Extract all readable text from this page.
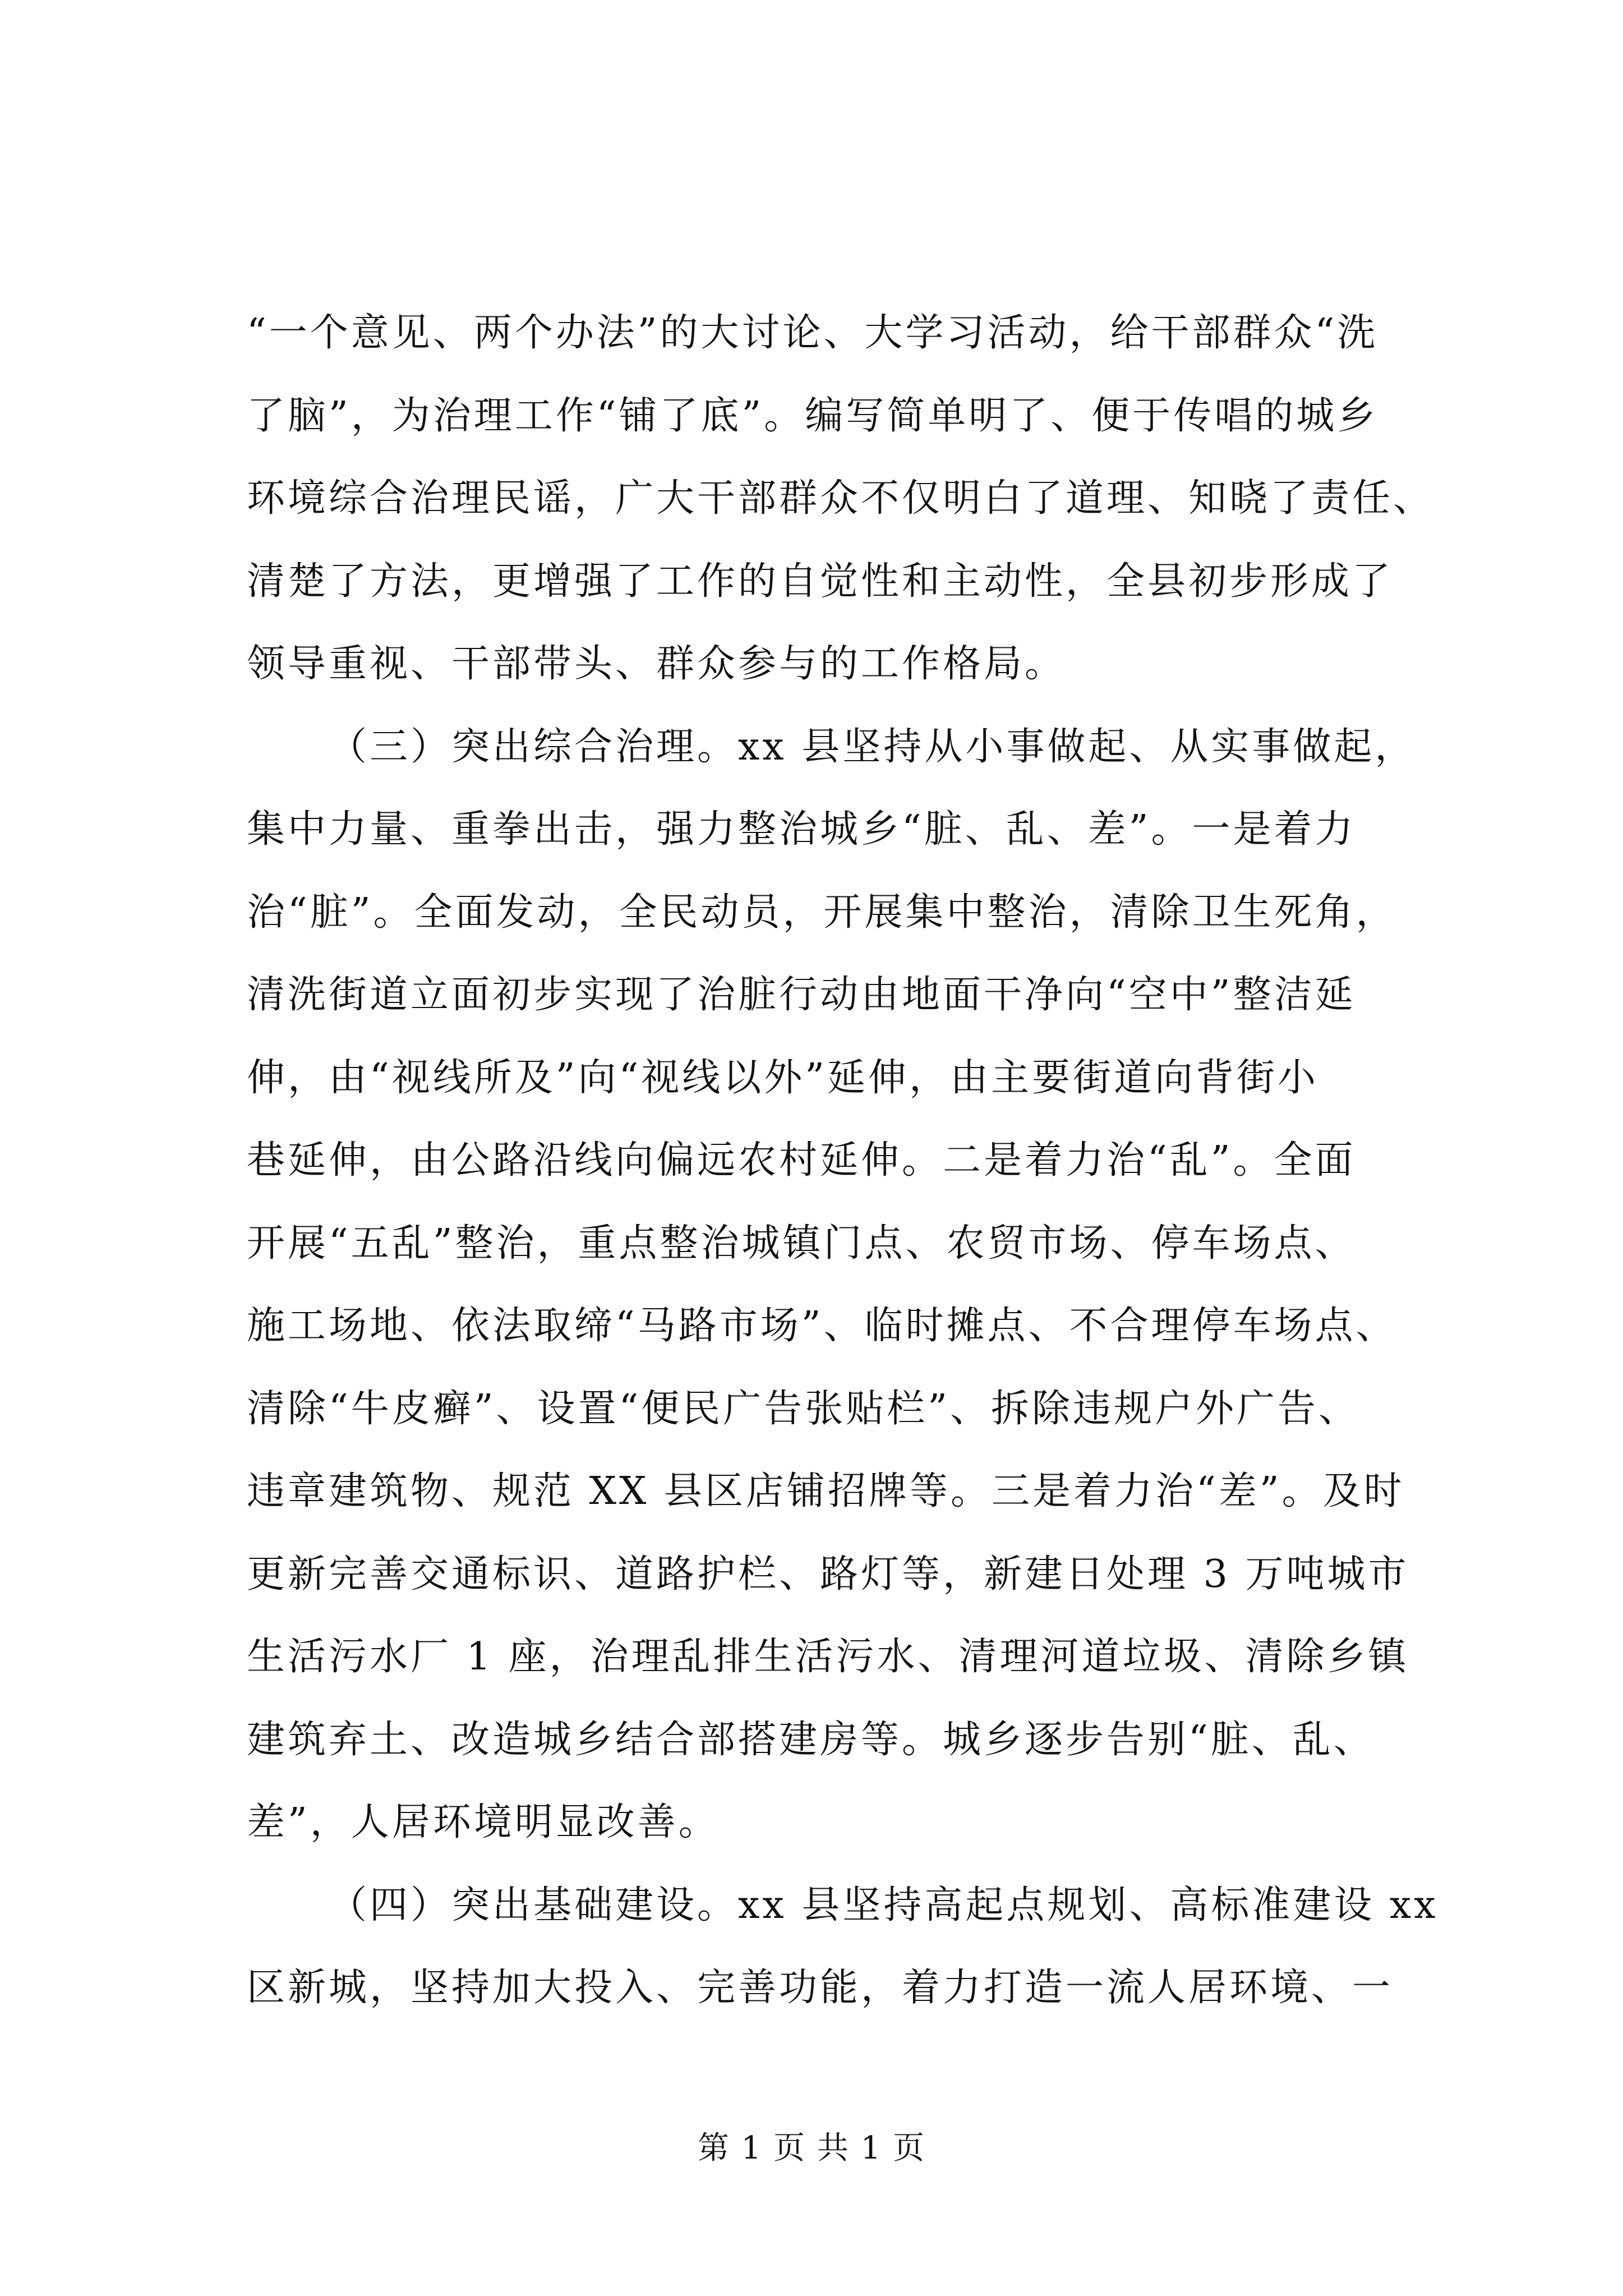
“一个意见、两个办法”的大讨论、大学习活动，给干部群众“洗
了脑”，为治理工作“铺了底”。编写简单明了、便于传唱的城乡
环境综合治理民谣，广大干部群众不仅明白了道理、知晓了责任、
清楚了方法，更增强了工作的自觉性和主动性，全县初步形成了
领导重视、干部带头、群众参与的工作格局。
（三）突出综合治理。xx 县坚持从小事做起、从实事做起，
集中力量、重拳出击，强力整治城乡“脏、乱、差”。一是着力
治“脏”。全面发动，全民动员，开展集中整治，清除卫生死角，
清洗街道立面初步实现了治脏行动由地面干净向“空中”整洁延
伸，由“视线所及”向“视线以外”延伸，由主要街道向背街小
巷延伸，由公路沿线向偏远农村延伸。二是着力治“乱”。全面
开展“五乱”整治，重点整治城镇门点、农贸市场、停车场点、
施工场地、依法取缔“马路市场”、临时摊点、不合理停车场点、
清除“牛皮癣”、设置“便民广告张贴栏”、拆除违规户外广告、
违章建筑物、规范 XX 县区店铺招牌等。三是着力治“差”。及时
更新完善交通标识、道路护栏、路灯等，新建日处理 3 万吨城市
生活污水厂 1 座，治理乱排生活污水、清理河道垃圾、清除乡镇
建筑弃土、改造城乡结合部搭建房等。城乡逐步告别“脏、乱、
差”，人居环境明显改善。
（四）突出基础建设。xx 县坚持高起点规划、高标准建设 xx
区新城，坚持加大投入、完善功能，着力打造一流人居环境、一
第 1 页 共 1 页
